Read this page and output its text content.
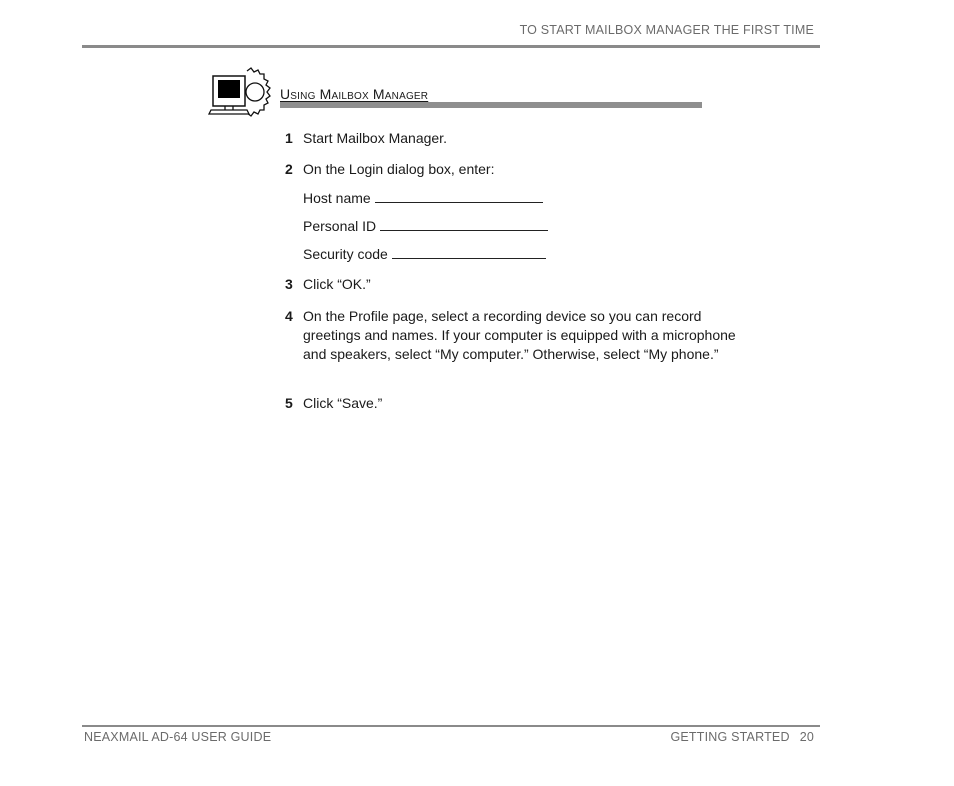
TO START MAILBOX MANAGER THE FIRST TIME
Using Mailbox Manager
1 Start Mailbox Manager.
2 On the Login dialog box, enter:
Host name
Personal ID
Security code
3 Click “OK.”
4 On the Profile page, select a recording device so you can record greetings and names. If your computer is equipped with a microphone and speakers, select “My computer.” Otherwise, select “My phone.”
5 Click “Save.”
NEAXMAIL AD-64 USER GUIDE	GETTING STARTED 20
